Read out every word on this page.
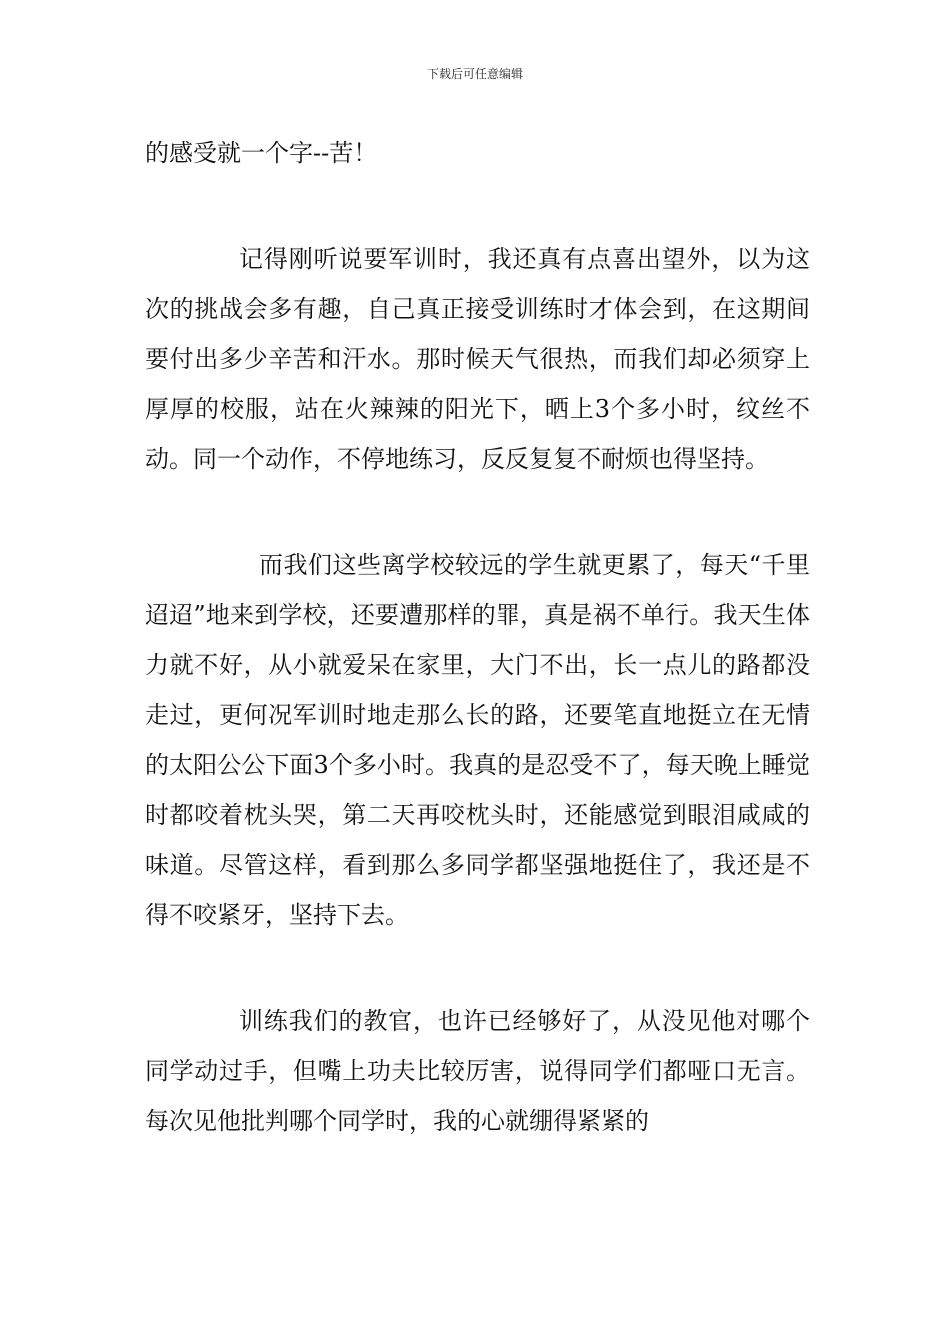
下载后可任意编辑

的感受就一个字--苦！

记得刚听说要军训时，我还真有点喜出望外，以为这次的挑战会多有趣，自己真正接受训练时才体会到，在这期间要付出多少辛苦和汗水。那时候天气很热，而我们却必须穿上厚厚的校服，站在火辣辣的阳光下，晒上3个多小时，纹丝不动。同一个动作，不停地练习，反反复复不耐烦也得坚持。

而我们这些离学校较远的学生就更累了，每天“千里迢迢”地来到学校，还要遭那样的罪，真是祸不单行。我天生体力就不好，从小就爱呆在家里，大门不出，长一点儿的路都没走过，更何况军训时地走那么长的路，还要笔直地挺立在无情的太阳公公下面3个多小时。我真的是忍受不了，每天晚上睡觉时都咬着枕头哭，第二天再咬枕头时，还能感觉到眼泪咸咸的味道。尽管这样，看到那么多同学都坚强地挺住了，我还是不得不咬紧牙，坚持下去。

训练我们的教官，也许已经够好了，从没见他对哪个同学动过手，但嘴上功夫比较厉害，说得同学们都哑口无言。每次见他批判哪个同学时，我的心就绷得紧紧的
